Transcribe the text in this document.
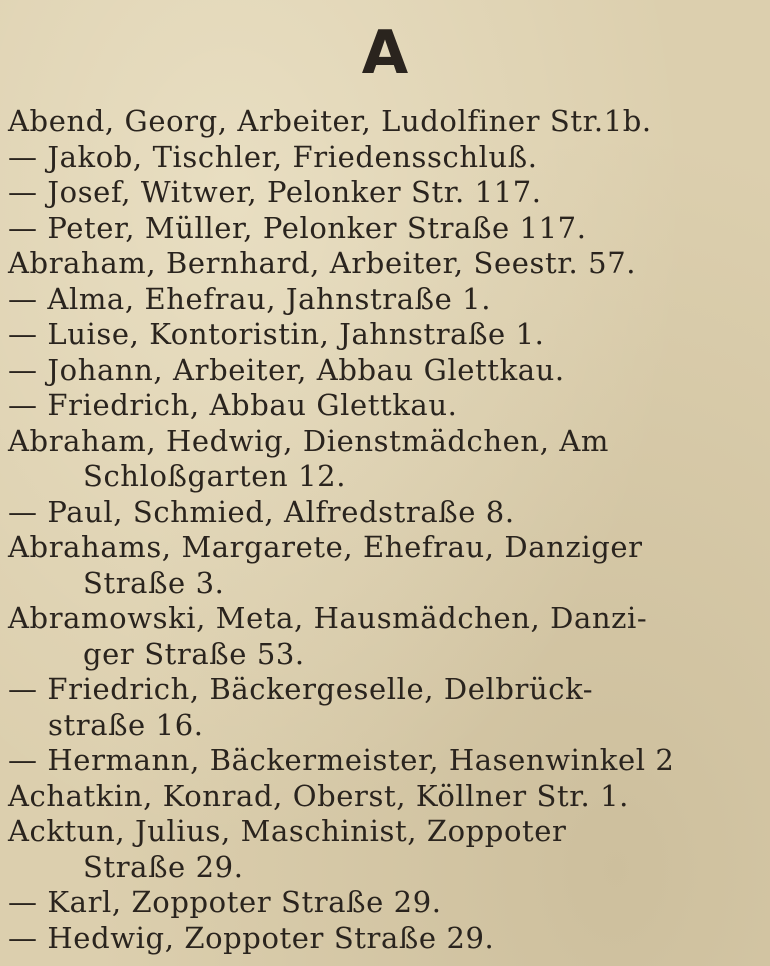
A
Abend, Georg, Arbeiter, Ludolfiner Str.1b.
— Jakob, Tischler, Friedensschluß.
— Josef, Witwer, Pelonker Str. 117.
— Peter, Müller, Pelonker Straße 117.
Abraham, Bernhard, Arbeiter, Seestr. 57.
— Alma, Ehefrau, Jahnstraße 1.
— Luise, Kontoristin, Jahnstraße 1.
— Johann, Arbeiter, Abbau Glettkau.
— Friedrich, Abbau Glettkau.
Abraham, Hedwig, Dienstmädchen, Am
Schloßgarten 12.
— Paul, Schmied, Alfredstraße 8.
Abrahams, Margarete, Ehefrau, Danziger
Straße 3.
Abramowski, Meta, Hausmädchen, Danzi-
ger Straße 53.
— Friedrich, Bäckergeselle, Delbrück-
straße 16.
— Hermann, Bäckermeister, Hasenwinkel 2
Achatkin, Konrad, Oberst, Köllner Str. 1.
Acktun, Julius, Maschinist, Zoppoter
Straße 29.
— Karl, Zoppoter Straße 29.
— Hedwig, Zoppoter Straße 29.
